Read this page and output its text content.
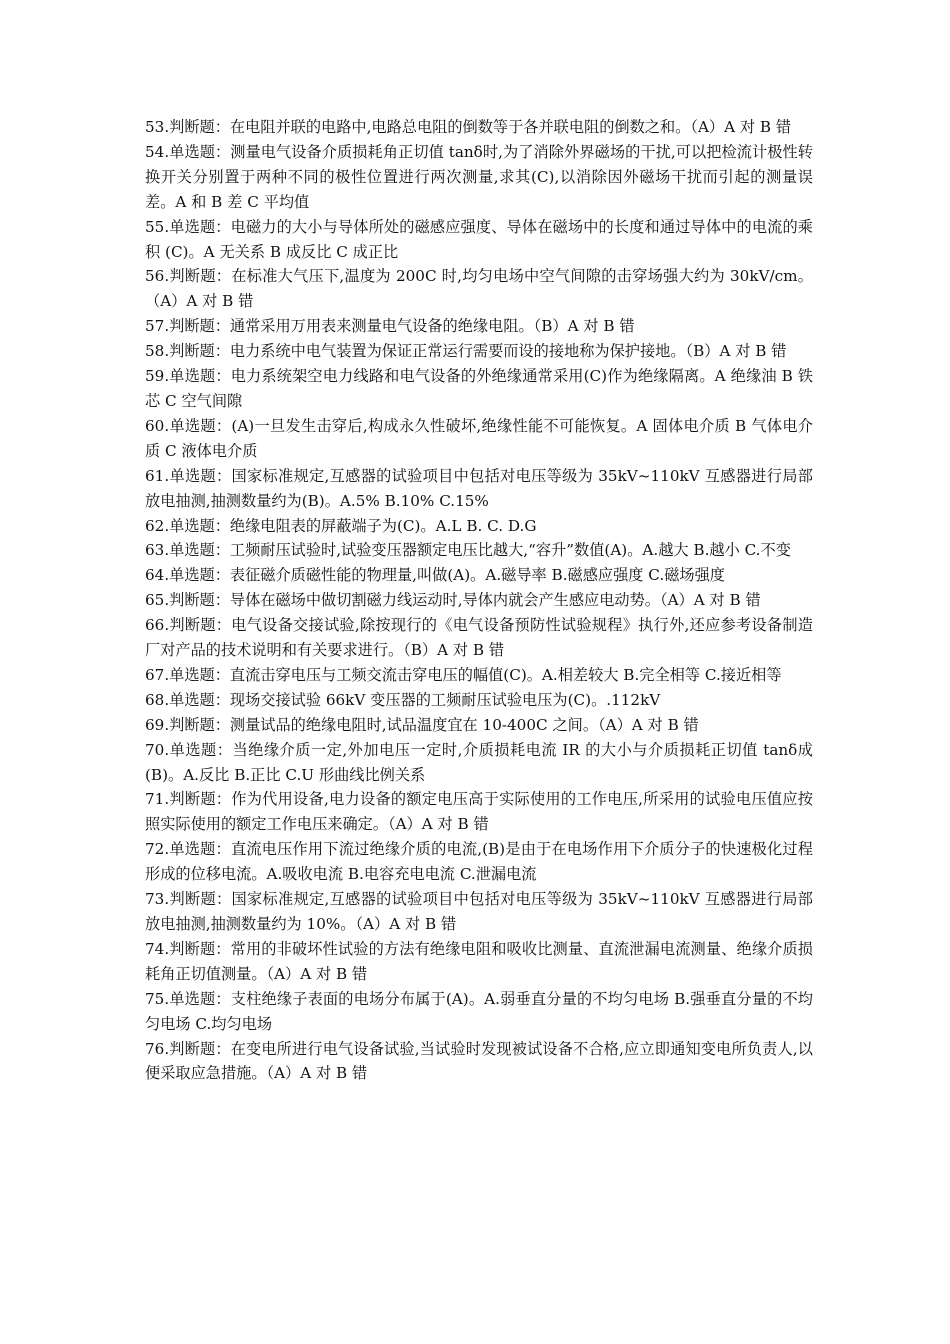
53.判断题：在电阻并联的电路中,电路总电阻的倒数等于各并联电阻的倒数之和。（A）A 对 B 错

54.单选题：测量电气设备介质损耗角正切值 tanδ时,为了消除外界磁场的干扰,可以把检流计极性转换开关分别置于两种不同的极性位置进行两次测量,求其(C),以消除因外磁场干扰而引起的测量误差。A 和 B 差 C 平均值

55.单选题：电磁力的大小与导体所处的磁感应强度、导体在磁场中的长度和通过导体中的电流的乘积 (C)。A 无关系 B 成反比 C 成正比

56.判断题：在标准大气压下,温度为 200C 时,均匀电场中空气间隙的击穿场强大约为 30kV/cm。（A）A 对 B 错

57.判断题：通常采用万用表来测量电气设备的绝缘电阻。（B）A 对 B 错

58.判断题：电力系统中电气装置为保证正常运行需要而设的接地称为保护接地。（B）A 对 B 错

59.单选题：电力系统架空电力线路和电气设备的外绝缘通常采用(C)作为绝缘隔离。A 绝缘油 B 铁芯 C 空气间隙

60.单选题：(A)一旦发生击穿后,构成永久性破坏,绝缘性能不可能恢复。A 固体电介质 B 气体电介质 C 液体电介质

61.单选题：国家标准规定,互感器的试验项目中包括对电压等级为 35kV~110kV 互感器进行局部放电抽测,抽测数量约为(B)。A.5% B.10% C.15%

62.单选题：绝缘电阻表的屏蔽端子为(C)。A.L B. C. D.G

63.单选题：工频耐压试验时,试验变压器额定电压比越大,“容升”数值(A)。A.越大 B.越小 C.不变

64.单选题：表征磁介质磁性能的物理量,叫做(A)。A.磁导率 B.磁感应强度 C.磁场强度

65.判断题：导体在磁场中做切割磁力线运动时,导体内就会产生感应电动势。（A）A 对 B 错

66.判断题：电气设备交接试验,除按现行的《电气设备预防性试验规程》执行外,还应参考设备制造厂对产品的技术说明和有关要求进行。（B）A 对 B 错

67.单选题：直流击穿电压与工频交流击穿电压的幅值(C)。A.相差较大 B.完全相等 C.接近相等

68.单选题：现场交接试验 66kV 变压器的工频耐压试验电压为(C)。.112kV

69.判断题：测量试品的绝缘电阻时,试品温度宜在 10-400C 之间。（A）A 对 B 错

70.单选题：当绝缘介质一定,外加电压一定时,介质损耗电流 IR 的大小与介质损耗正切值 tanδ成(B)。A.反比 B.正比 C.U 形曲线比例关系

71.判断题：作为代用设备,电力设备的额定电压高于实际使用的工作电压,所采用的试验电压值应按照实际使用的额定工作电压来确定。（A）A 对 B 错

72.单选题：直流电压作用下流过绝缘介质的电流,(B)是由于在电场作用下介质分子的快速极化过程形成的位移电流。A.吸收电流 B.电容充电电流 C.泄漏电流

73.判断题：国家标准规定,互感器的试验项目中包括对电压等级为 35kV~110kV 互感器进行局部放电抽测,抽测数量约为 10%。（A）A 对 B 错

74.判断题：常用的非破坏性试验的方法有绝缘电阻和吸收比测量、直流泄漏电流测量、绝缘介质损耗角正切值测量。（A）A 对 B 错

75.单选题：支柱绝缘子表面的电场分布属于(A)。A.弱垂直分量的不均匀电场 B.强垂直分量的不均匀电场 C.均匀电场

76.判断题：在变电所进行电气设备试验,当试验时发现被试设备不合格,应立即通知变电所负责人,以便采取应急措施。（A）A 对 B 错
